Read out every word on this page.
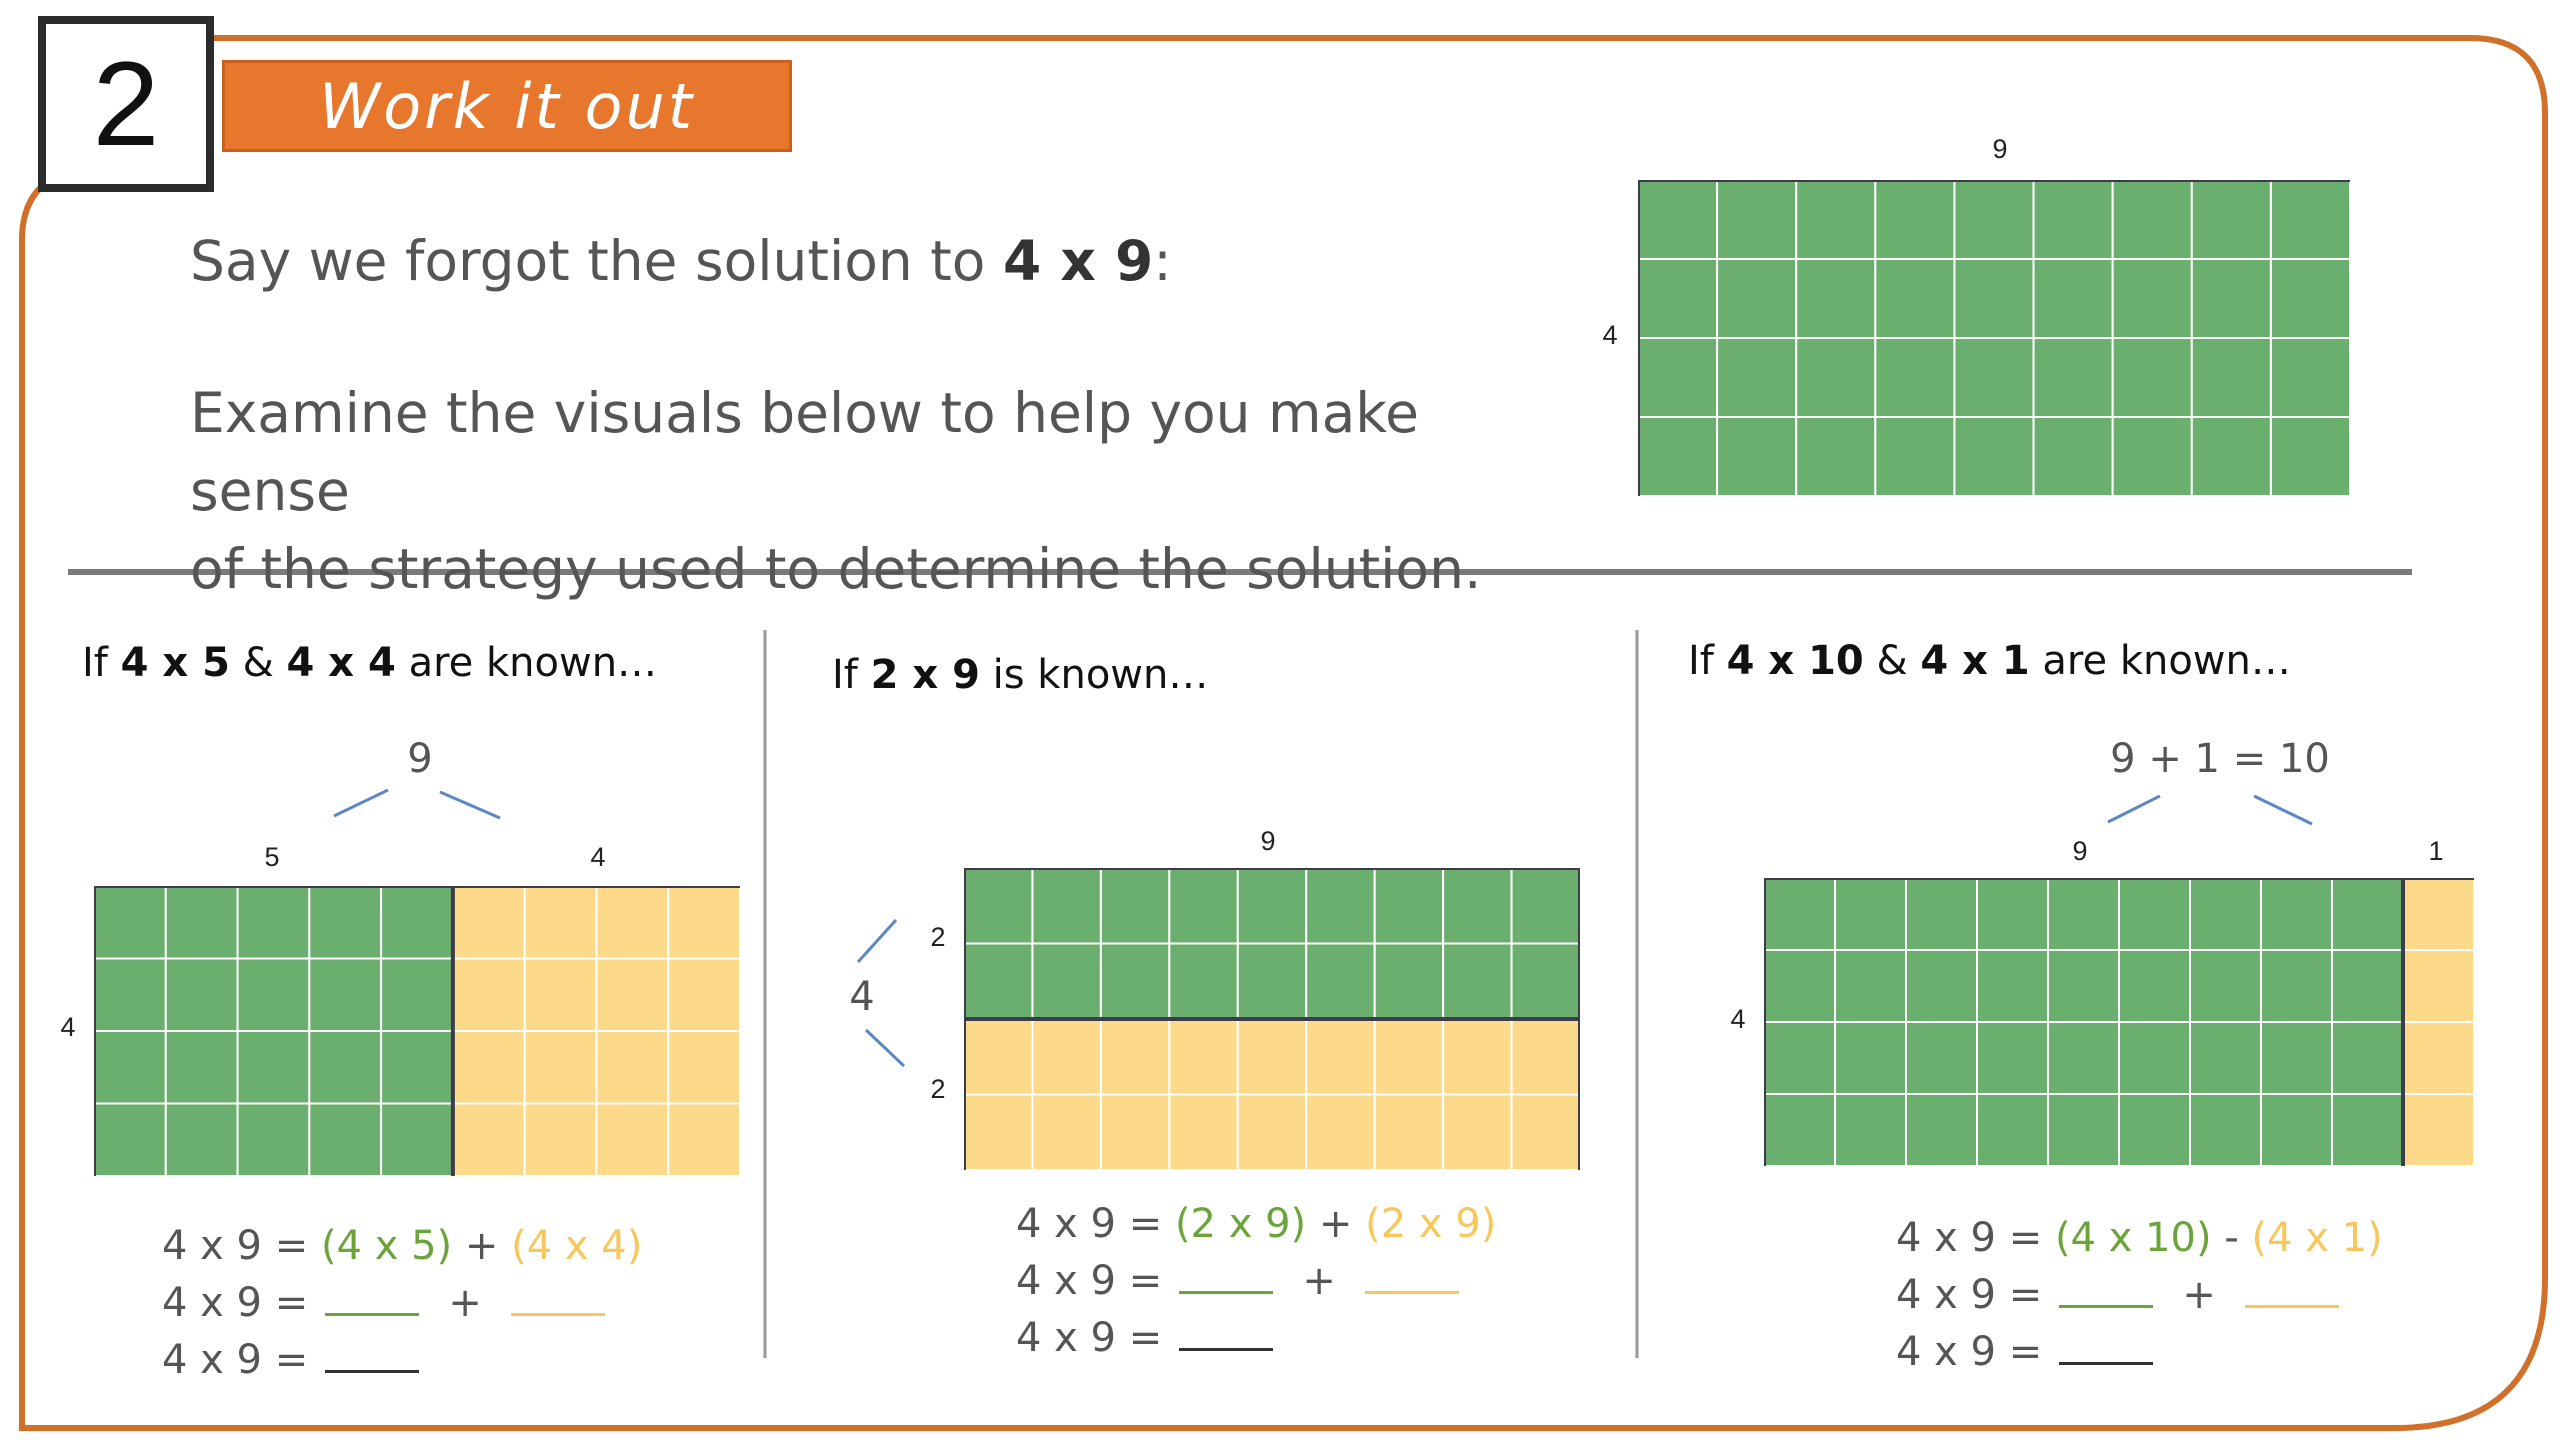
2	Work it out
Say we forgot the solution to 4 x 9:
Examine the visuals below to help you make sense
of the strategy used to determine the solution.
9
4
If 4 x 5 & 4 x 4 are known…
9
5	4
4
4 x 9 = (4 x 5) + (4 x 4)
4 x 9 =	+
4 x 9 =
If 2 x 9 is known…
9
4
2
2
4 x 9 = (2 x 9) + (2 x 9)
4 x 9 =	+
4 x 9 =
If 4 x 10 & 4 x 1 are known…
9 + 1 = 10
9	1
4
4 x 9 = (4 x 10) - (4 x 1)
4 x 9 =	+
4 x 9 =
